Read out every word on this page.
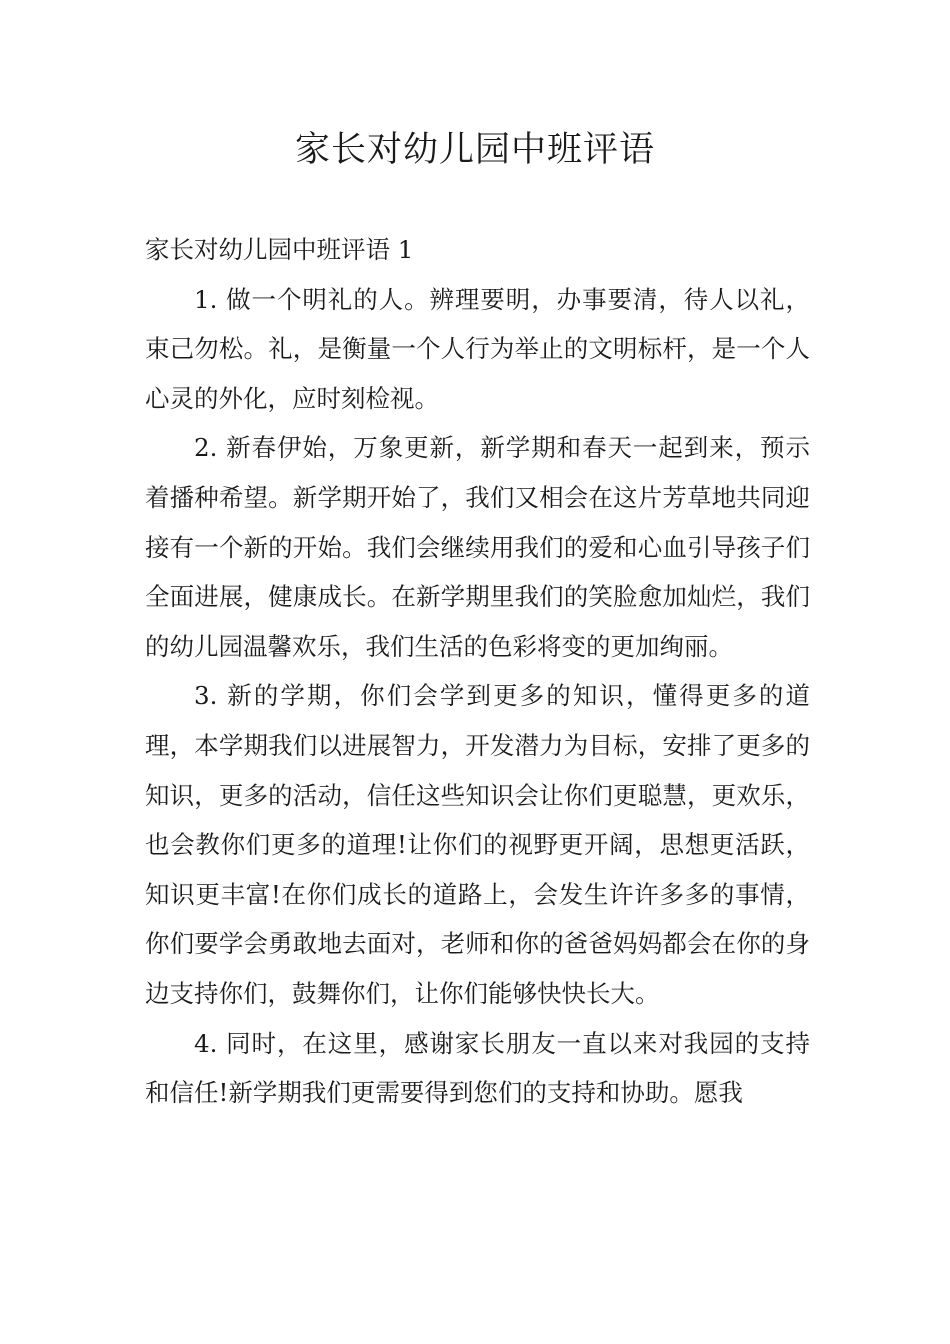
家长对幼儿园中班评语
家长对幼儿园中班评语 1

1. 做一个明礼的人。辨理要明，办事要清，待人以礼，束己勿松。礼，是衡量一个人行为举止的文明标杆，是一个人心灵的外化，应时刻检视。

2. 新春伊始，万象更新，新学期和春天一起到来，预示着播种希望。新学期开始了，我们又相会在这片芳草地共同迎接有一个新的开始。我们会继续用我们的爱和心血引导孩子们全面进展，健康成长。在新学期里我们的笑脸愈加灿烂，我们的幼儿园温馨欢乐，我们生活的色彩将变的更加绚丽。

3. 新的学期，你们会学到更多的知识，懂得更多的道理，本学期我们以进展智力，开发潜力为目标，安排了更多的知识，更多的活动，信任这些知识会让你们更聪慧，更欢乐，也会教你们更多的道理!让你们的视野更开阔，思想更活跃，知识更丰富!在你们成长的道路上，会发生许许多多的事情，你们要学会勇敢地去面对，老师和你的爸爸妈妈都会在你的身边支持你们，鼓舞你们，让你们能够快快长大。

4. 同时，在这里，感谢家长朋友一直以来对我园的支持和信任!新学期我们更需要得到您们的支持和协助。愿我
